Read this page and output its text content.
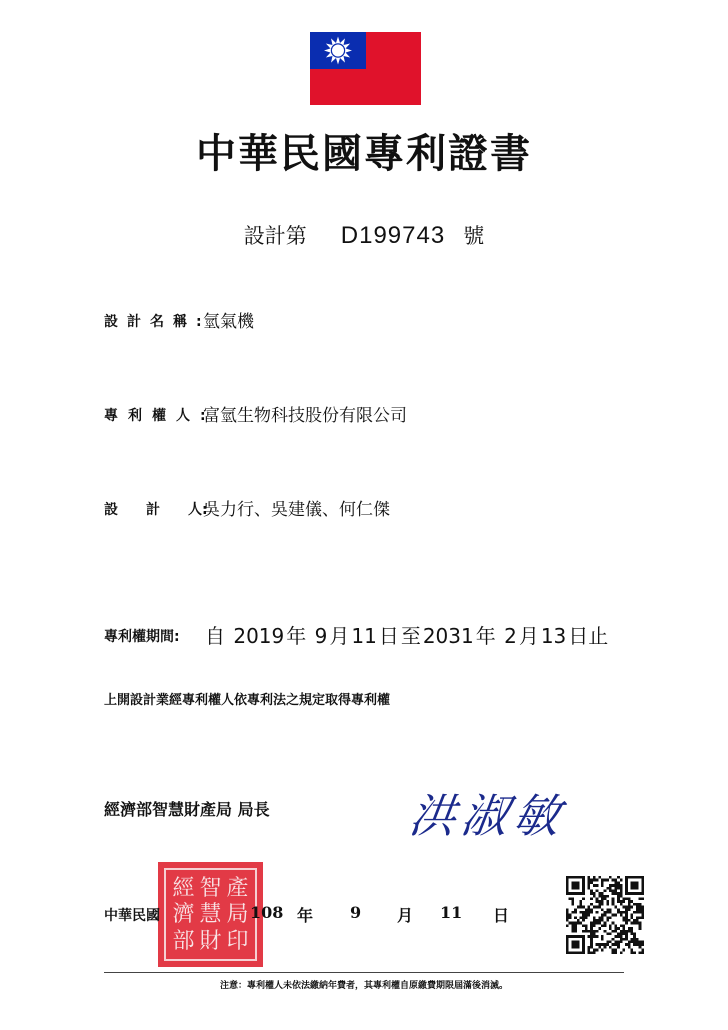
中華民國專利證書
設計第 D199743 號
設計名稱:
氫氣機
專利權人:
富氫生物科技股份有限公司
設 計 人:
吳力行、吳建儀、何仁傑
專利權期間: 自 2019 年 9 月 11 日 至 2031 年 2 月 13 日止
上開設計業經專利權人依專利法之規定取得專利權
經濟部智慧財產局 局長	洪淑敏
經 智 產
濟 慧 局
部 財 印
中華民國	108 年 9 月 11 日
注意：專利權人未依法繳納年費者，其專利權自原繳費期限屆滿後消滅。
